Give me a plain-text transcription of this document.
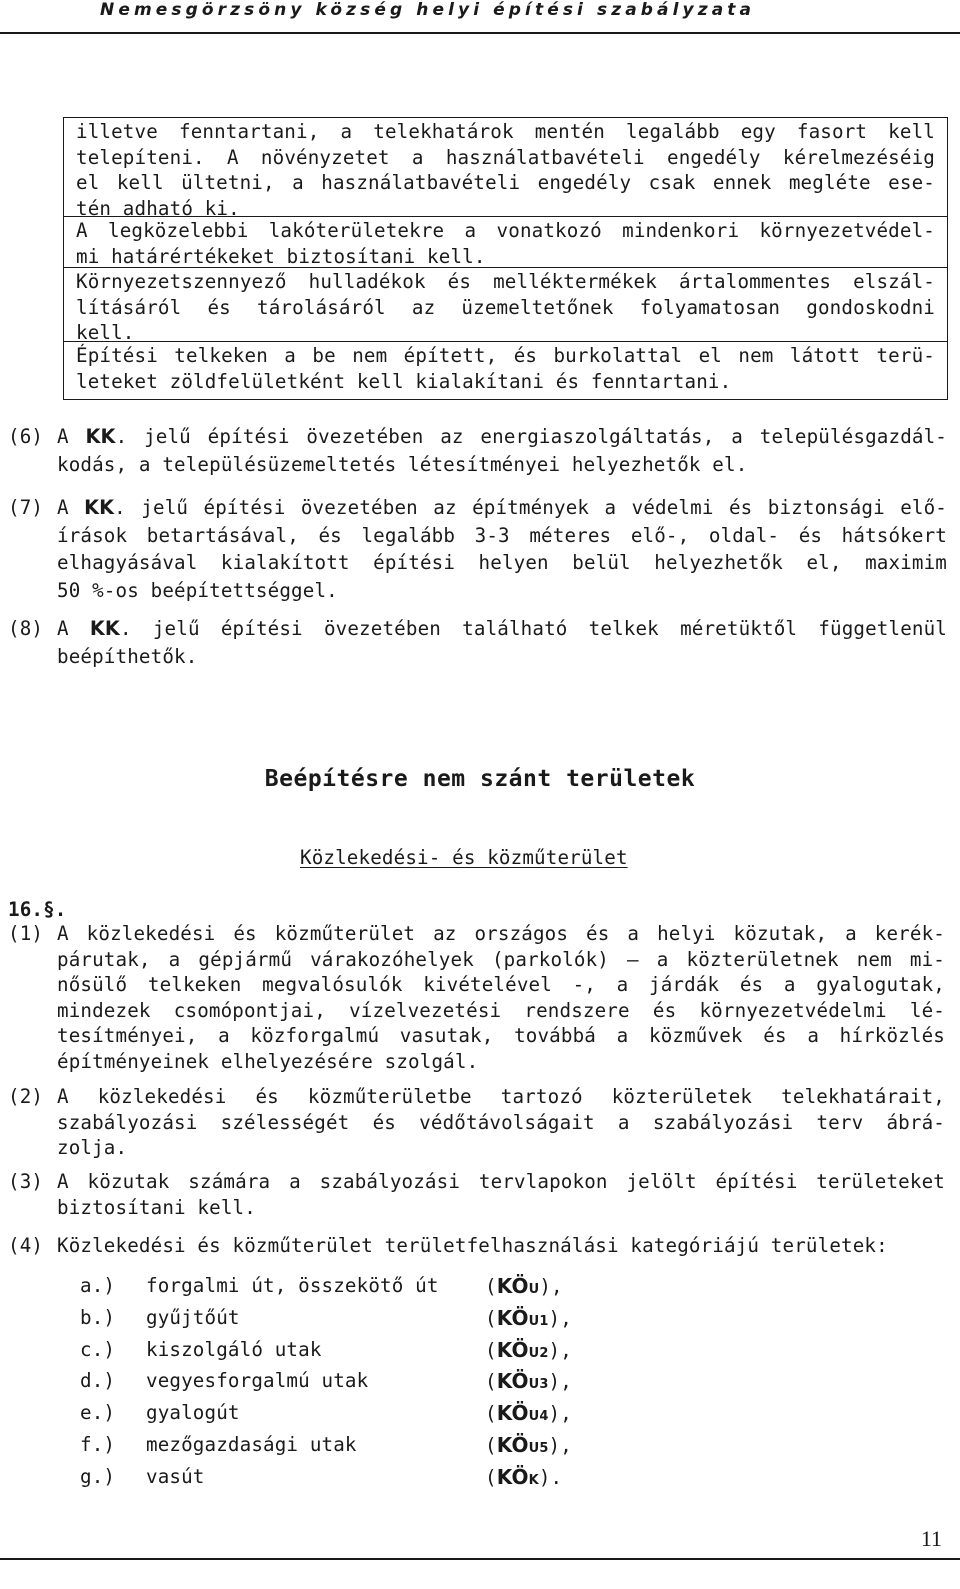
Nemesgörzsöny község helyi építési szabályzata
illetve fenntartani, a telekhatárok mentén legalább egy fasort kell
telepíteni. A növényzetet a használatbavételi engedély kérelmezéséig
el kell ültetni, a használatbavételi engedély csak ennek megléte ese-
tén adható ki.
A legközelebbi lakóterületekre a vonatkozó mindenkori környezetvédel-
mi határértékeket biztosítani kell.
Környezetszennyező hulladékok és melléktermékek ártalommentes elszál-
lításáról és tárolásáról az üzemeltetőnek folyamatosan gondoskodni
kell.
Építési telkeken a be nem épített, és burkolattal el nem látott terü-
leteket zöldfelületként kell kialakítani és fenntartani.
(6) A KK. jelű építési övezetében az energiaszolgáltatás, a településgazdál-
kodás, a településüzemeltetés létesítményei helyezhetők el.
(7) A KK. jelű építési övezetében az építmények a védelmi és biztonsági elő-
írások betartásával, és legalább 3-3 méteres elő-, oldal- és hátsókert
elhagyásával kialakított építési helyen belül helyezhetők el, maximim
50 %-os beépítettséggel.
(8) A KK. jelű építési övezetében található telkek méretüktől függetlenül
beépíthetők.
Beépítésre nem szánt területek
Közlekedési- és közműterület
16.§.
(1) A közlekedési és közműterület az országos és a helyi közutak, a kerék-
párutak, a gépjármű várakozóhelyek (parkolók) – a közterületnek nem mi-
nősülő telkeken megvalósulók kivételével -, a járdák és a gyalogutak,
mindezek csomópontjai, vízelvezetési rendszere és környezetvédelmi lé-
tesítményei, a közforgalmú vasutak, továbbá a közművek és a hírközlés
építményeinek elhelyezésére szolgál.
(2) A közlekedési és közműterületbe tartozó közterületek telekhatárait,
szabályozási szélességét és védőtávolságait a szabályozási terv ábrá-
zolja.
(3) A közutak számára a szabályozási tervlapokon jelölt építési területeket
biztosítani kell.
(4) Közlekedési és közműterület területfelhasználási kategóriájú területek:
a.) forgalmi út, összekötő út (KÖU),
b.) gyűjtőút	(KÖU1),
c.) kiszolgáló utak	(KÖU2),
d.) vegyesforgalmú utak	(KÖU3),
e.) gyalogút	(KÖU4),
f.) mezőgazdasági utak	(KÖU5),
g.) vasút	(KÖK).
11
